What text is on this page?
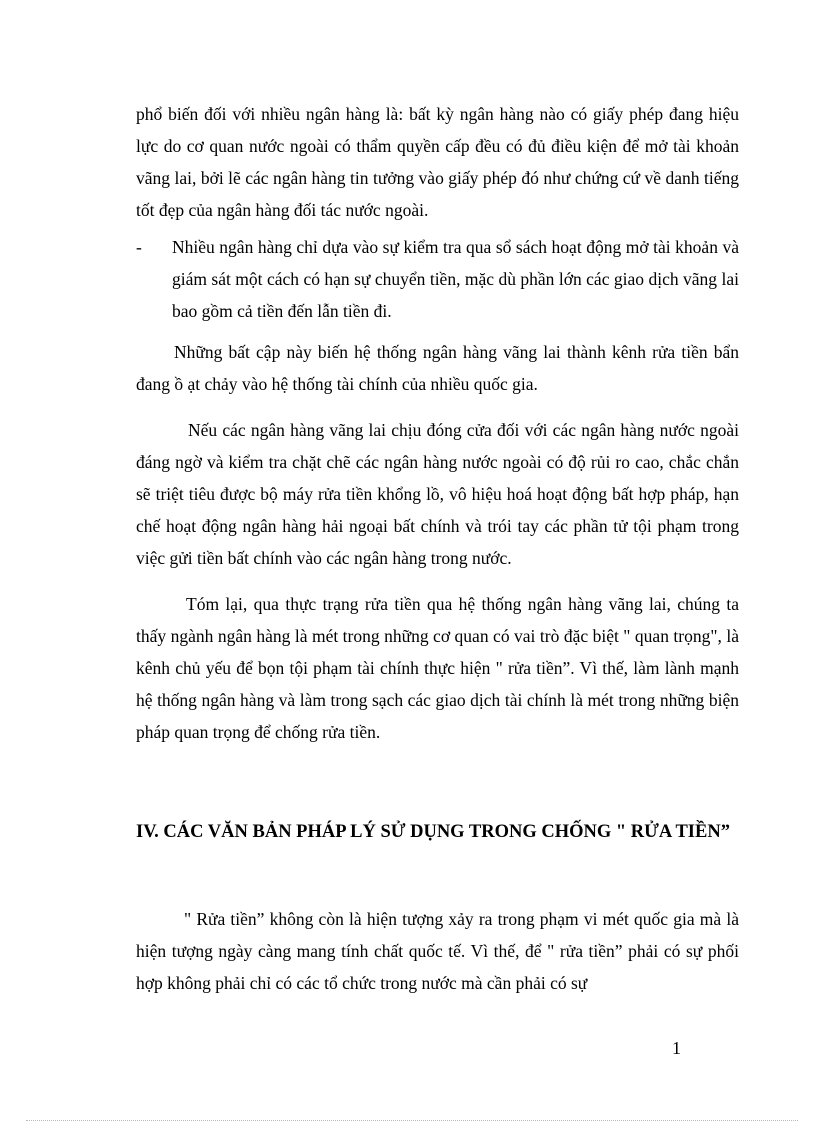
phổ biến đối với nhiều ngân hàng là: bất kỳ ngân hàng nào có giấy phép đang hiệu lực do cơ quan nước ngoài có thẩm quyền cấp đều có đủ điều kiện để mở tài khoản vãng lai, bởi lẽ các ngân hàng tin tưởng vào giấy phép đó như chứng cứ về danh tiếng tốt đẹp của ngân hàng đối tác nước ngoài.

- Nhiều ngân hàng chỉ dựa vào sự kiểm tra qua sổ sách hoạt động mở tài khoản và giám sát một cách có hạn sự chuyển tiền, mặc dù phần lớn các giao dịch vãng lai bao gồm cả tiền đến lẫn tiền đi.

Những bất cập này biến hệ thống ngân hàng vãng lai thành kênh rửa tiền bẩn đang ồ ạt chảy vào hệ thống tài chính của nhiều quốc gia.

Nếu các ngân hàng vãng lai chịu đóng cửa đối với các ngân hàng nước ngoài đáng ngờ và kiểm tra chặt chẽ các ngân hàng nước ngoài có độ rủi ro cao, chắc chắn sẽ triệt tiêu được bộ máy rửa tiền khổng lồ, vô hiệu hoá hoạt động bất hợp pháp, hạn chế hoạt động ngân hàng hải ngoại bất chính và trói tay các phần tử tội phạm trong việc gửi tiền bất chính vào các ngân hàng trong nước.

Tóm lại, qua thực trạng rửa tiền qua hệ thống ngân hàng vãng lai, chúng ta thấy ngành ngân hàng là mét trong những cơ quan có vai trò đặc biệt " quan trọng", là kênh chủ yếu để bọn tội phạm tài chính thực hiện " rửa tiền”. Vì thế, làm lành mạnh hệ thống ngân hàng và làm trong sạch các giao dịch tài chính là mét trong những biện pháp quan trọng để chống rửa tiền.

IV. CÁC VĂN BẢN PHÁP LÝ SỬ DỤNG TRONG CHỐNG " RỬA TIỀN”

" Rửa tiền” không còn là hiện tượng xảy ra trong phạm vi mét quốc gia mà là hiện tượng ngày càng mang tính chất quốc tế. Vì thế, để " rửa tiền” phải có sự phối hợp không phải chỉ có các tổ chức trong nước mà cần phải có sự

1
